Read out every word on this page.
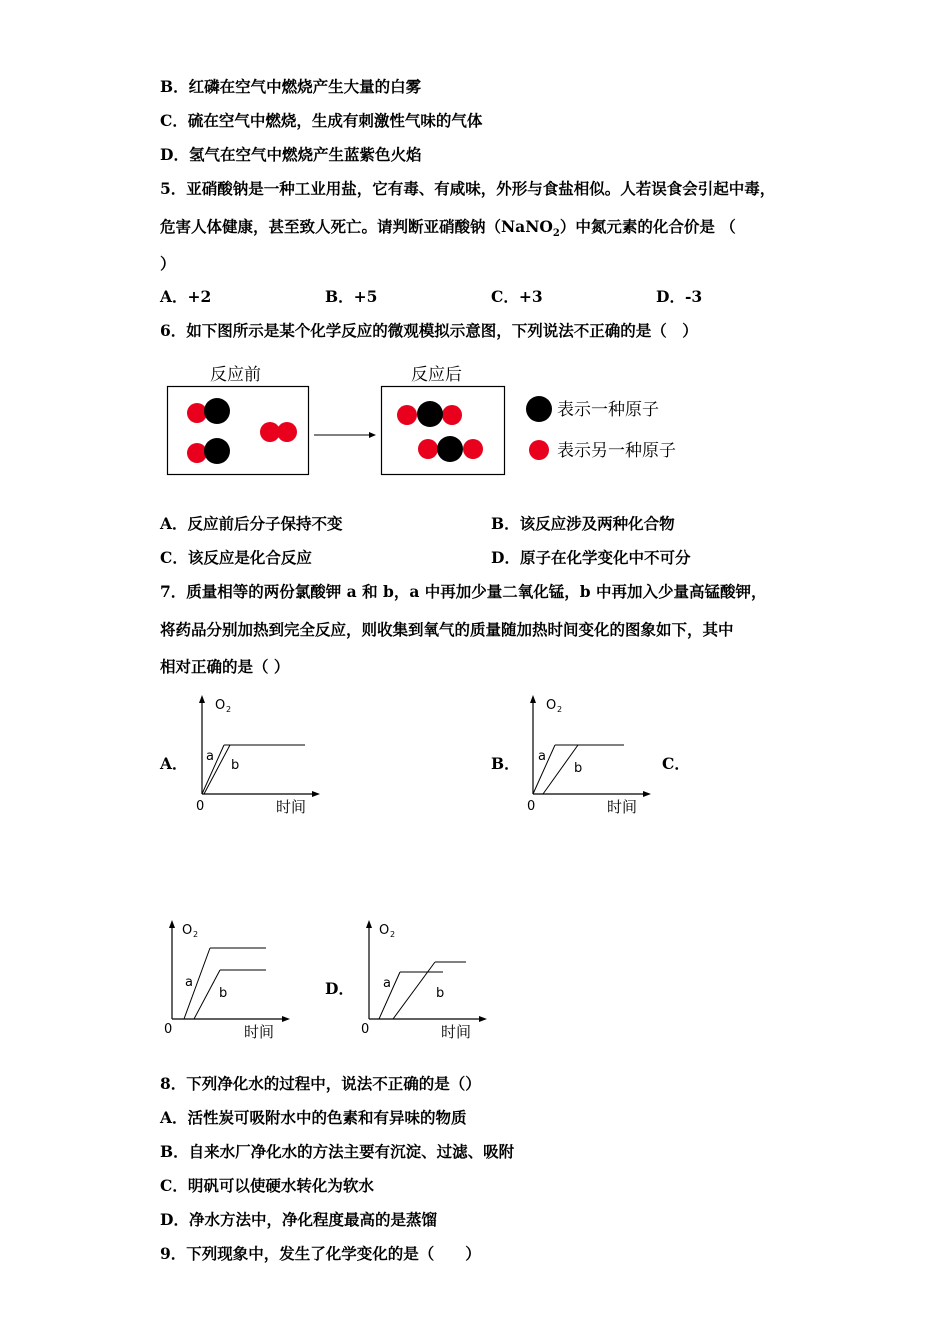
B．红磷在空气中燃烧产生大量的白雾
C．硫在空气中燃烧，生成有刺激性气味的气体
D．氢气在空气中燃烧产生蓝紫色火焰
5．亚硝酸钠是一种工业用盐，它有毒、有咸味，外形与食盐相似。人若误食会引起中毒，
危害人体健康，甚至致人死亡。请判断亚硝酸钠（NaNO$_2$）中氮元素的化合价是 （
）
A．+2	B．+5	C．+3	D．-3
6．如下图所示是某个化学反应的微观模拟示意图，下列说法不正确的是（　）
反应前	反应后
表示一种原子
表示另一种原子
A．反应前后分子保持不变	B．该反应涉及两种化合物
C．该反应是化合反应	D．原子在化学变化中不可分
7．质量相等的两份氯酸钾 a 和 b，a 中再加少量二氧化锰，b 中再加入少量高锰酸钾，
将药品分别加热到完全反应，则收集到氧气的质量随加热时间变化的图象如下，其中
相对正确的是（ ）
A．	B．	C．
D．
O 2
0	时间
a
b
O 2
0	时间
a
b
O 2
0	时间
a
b
O 2
0	时间
a
b
8．下列净化水的过程中，说法不正确的是（）
A．活性炭可吸附水中的色素和有异味的物质
B．自来水厂净化水的方法主要有沉淀、过滤、吸附
C．明矾可以使硬水转化为软水
D．净水方法中，净化程度最高的是蒸馏
9．下列现象中，发生了化学变化的是（　　）
